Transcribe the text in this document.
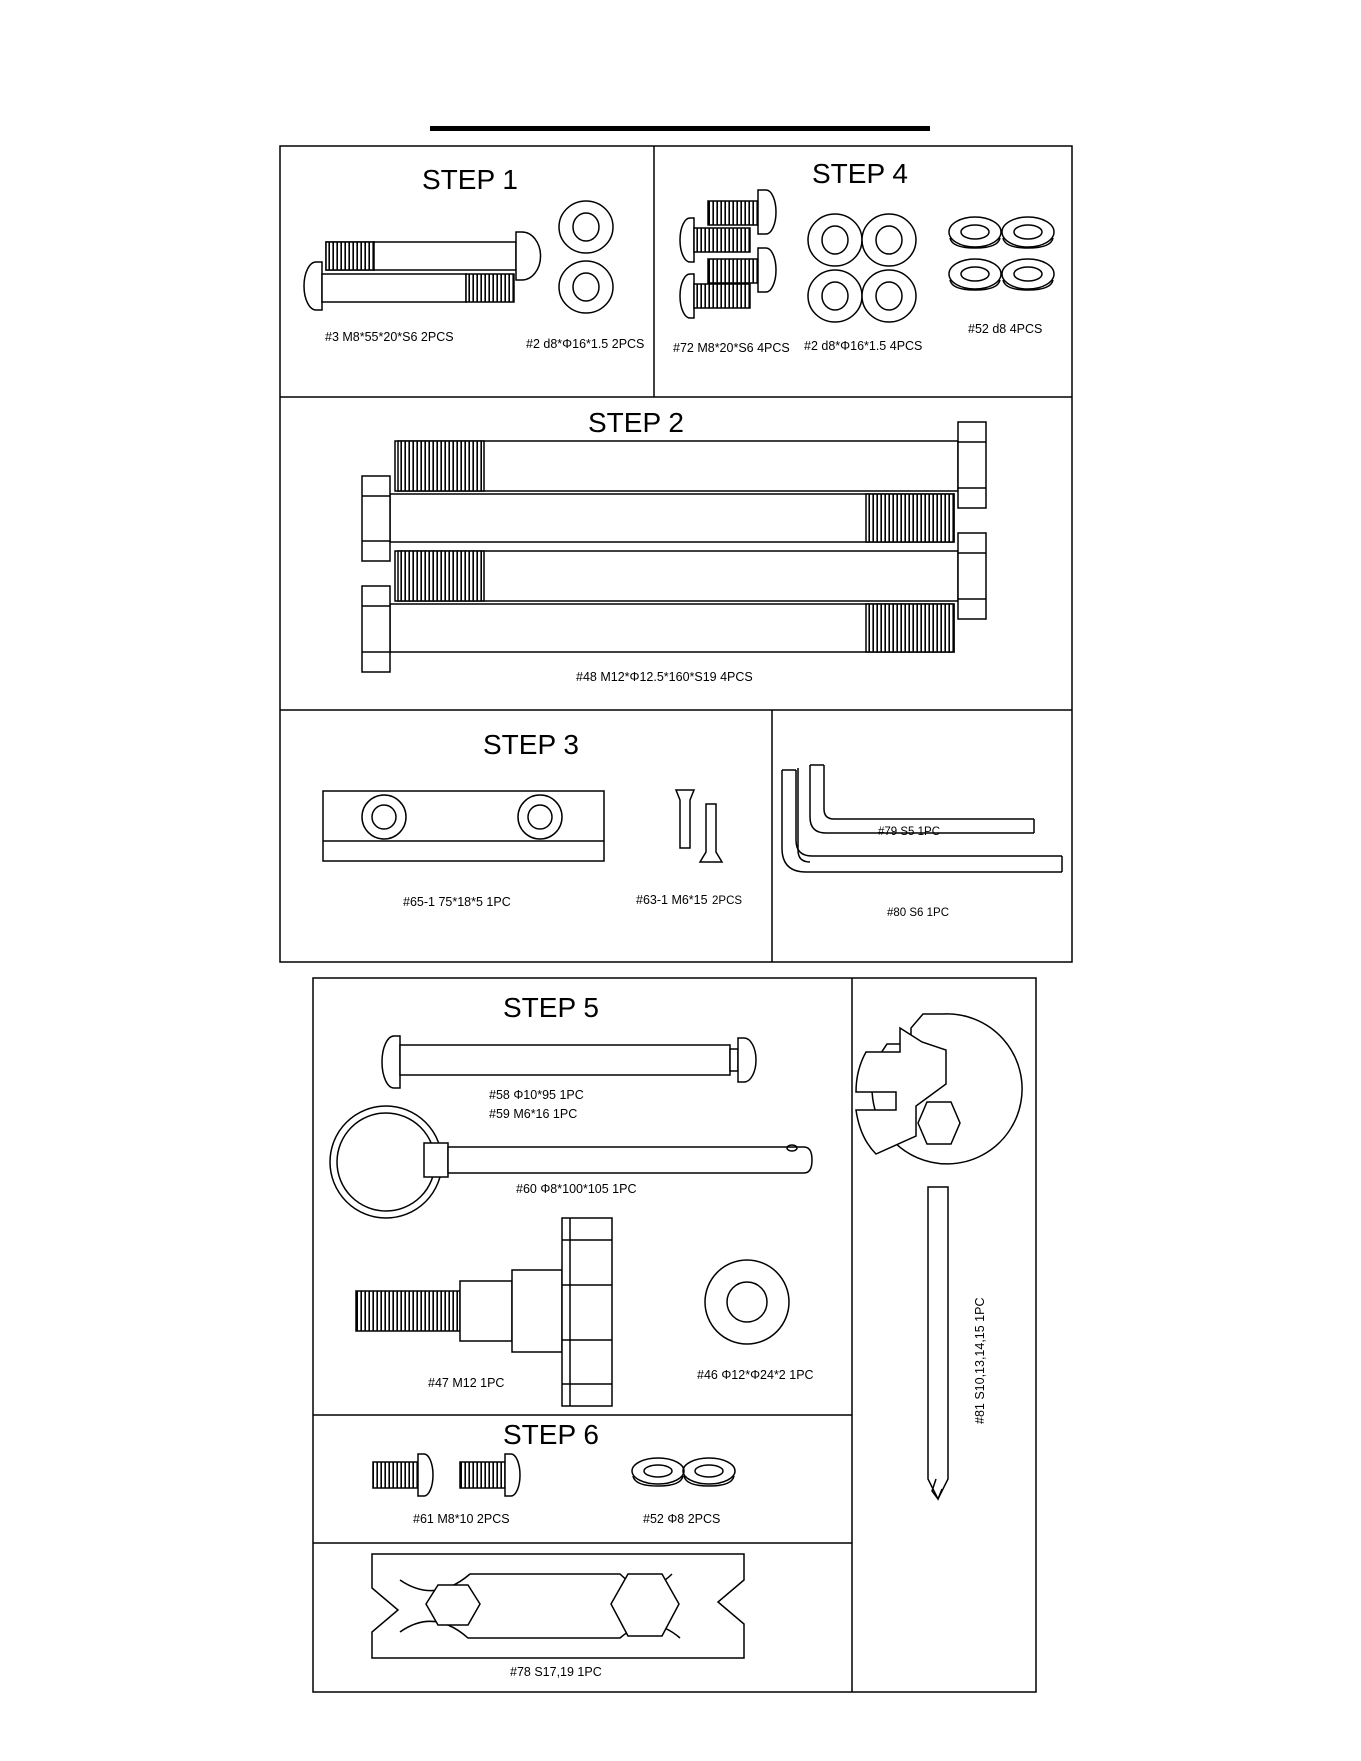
STEP 1
#3 M8*55*20*S6 2PCS	#2 d8*Φ16*1.5 2PCS
STEP 4
#72 M8*20*S6 4PCS #2 d8*Φ16*1.5 4PCS
#52 d8 4PCS
STEP 2
#48 M12*Φ12.5*160*S19 4PCS
STEP 3
#65-1 75*18*5 1PC	#63-1 M6*15 2PCS
#79 S5 1PC
#80 S6 1PC
STEP 5
#58 Φ10*95 1PC
#59 M6*16 1PC
#60 Φ8*100*105 1PC
#47 M12 1PC
#46 Φ12*Φ24*2 1PC
STEP 6
#61 M8*10 2PCS	#52 Φ8 2PCS
#78 S17,19 1PC
#81 S10,13,14,15 1PC
